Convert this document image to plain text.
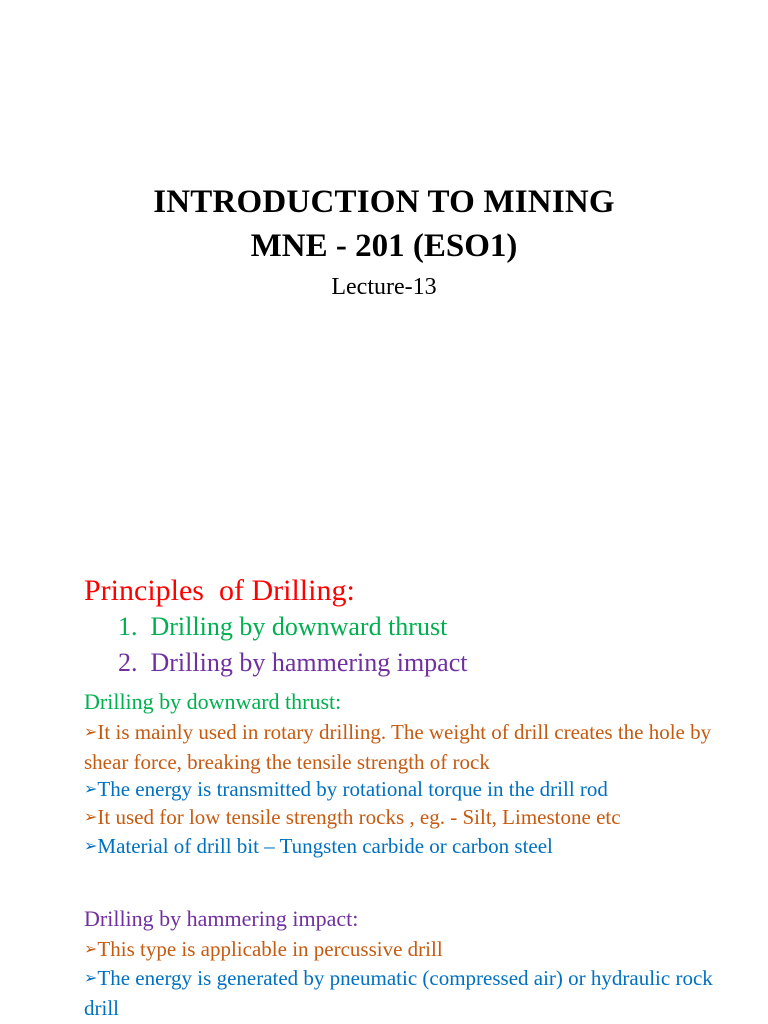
INTRODUCTION TO MINING
MNE - 201 (ESO1)
Lecture-13
Principles  of Drilling:
1.  Drilling by downward thrust
2.  Drilling by hammering impact
Drilling by downward thrust:
➢It is mainly used in rotary drilling. The weight of drill creates the hole by shear force, breaking the tensile strength of rock
➢The energy is transmitted by rotational torque in the drill rod
➢It used for low tensile strength rocks , eg. - Silt, Limestone etc
➢Material of drill bit – Tungsten carbide or carbon steel
Drilling by hammering impact:
➢This type is applicable in percussive drill
➢The energy is generated by pneumatic (compressed air) or hydraulic rock drill
